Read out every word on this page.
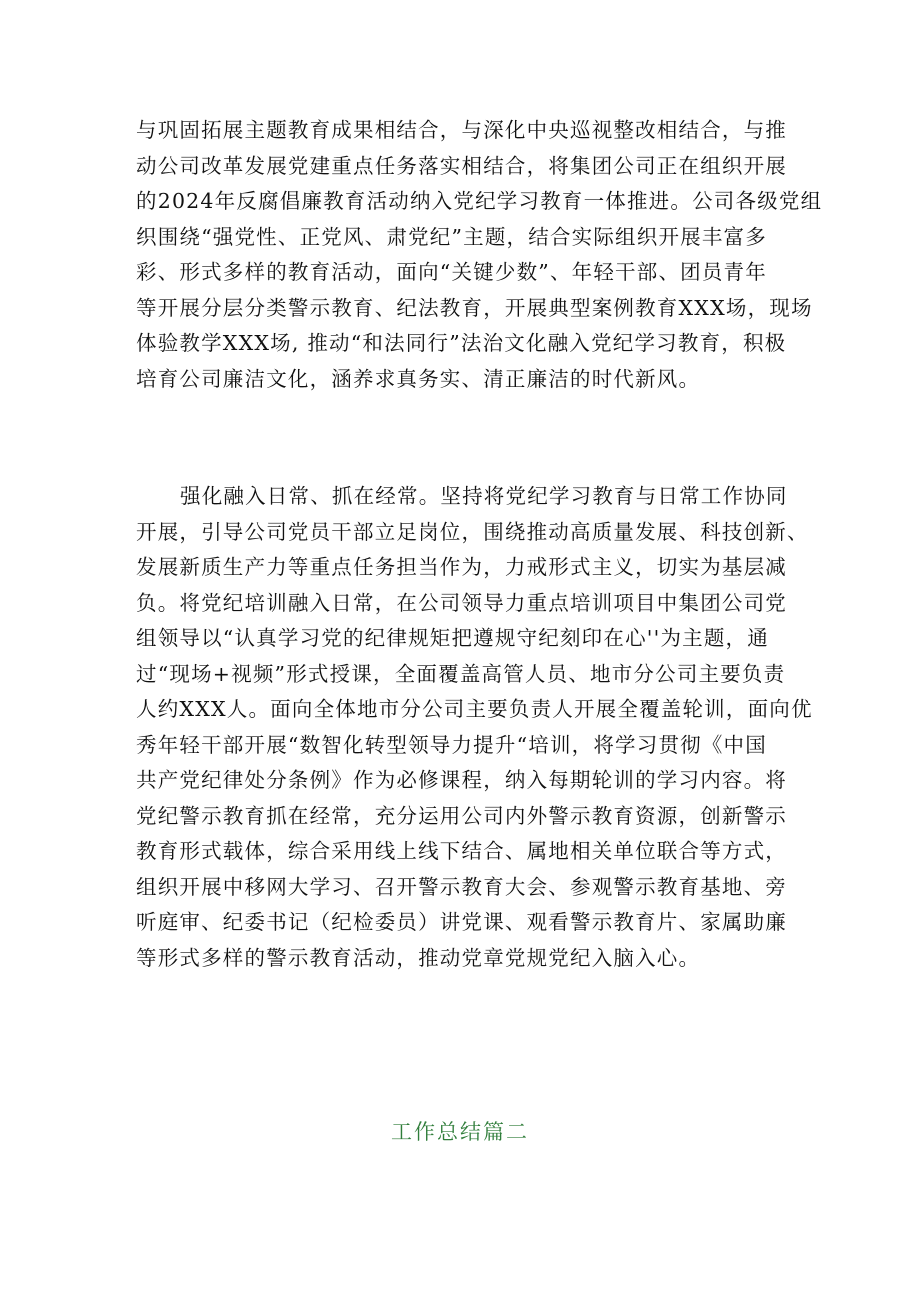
与巩固拓展主题教育成果相结合，与深化中央巡视整改相结合，与推
动公司改革发展党建重点任务落实相结合，将集团公司正在组织开展
的2024年反腐倡廉教育活动纳入党纪学习教育一体推进。公司各级党组
织围绕“强党性、正党风、肃党纪”主题，结合实际组织开展丰富多
彩、形式多样的教育活动，面向“关键少数”、年轻干部、团员青年
等开展分层分类警示教育、纪法教育，开展典型案例教育XXX场，现场
体验教学XXX场, 推动“和法同行”法治文化融入党纪学习教育，积极
培育公司廉洁文化，涵养求真务实、清正廉洁的时代新风。
强化融入日常、抓在经常。坚持将党纪学习教育与日常工作协同
开展，引导公司党员干部立足岗位，围绕推动高质量发展、科技创新、
发展新质生产力等重点任务担当作为，力戒形式主义，切实为基层减
负。将党纪培训融入日常，在公司领导力重点培训项目中集团公司党
组领导以“认真学习党的纪律规矩把遵规守纪刻印在心''为主题，通
过“现场+视频”形式授课，全面覆盖高管人员、地市分公司主要负责
人约XXX人。面向全体地市分公司主要负责人开展全覆盖轮训，面向优
秀年轻干部开展“数智化转型领导力提升“培训，将学习贯彻《中国
共产党纪律处分条例》作为必修课程，纳入每期轮训的学习内容。将
党纪警示教育抓在经常，充分运用公司内外警示教育资源，创新警示
教育形式载体，综合采用线上线下结合、属地相关单位联合等方式，
组织开展中移网大学习、召开警示教育大会、参观警示教育基地、旁
听庭审、纪委书记（纪检委员）讲党课、观看警示教育片、家属助廉
等形式多样的警示教育活动，推动党章党规党纪入脑入心。
工作总结篇二
